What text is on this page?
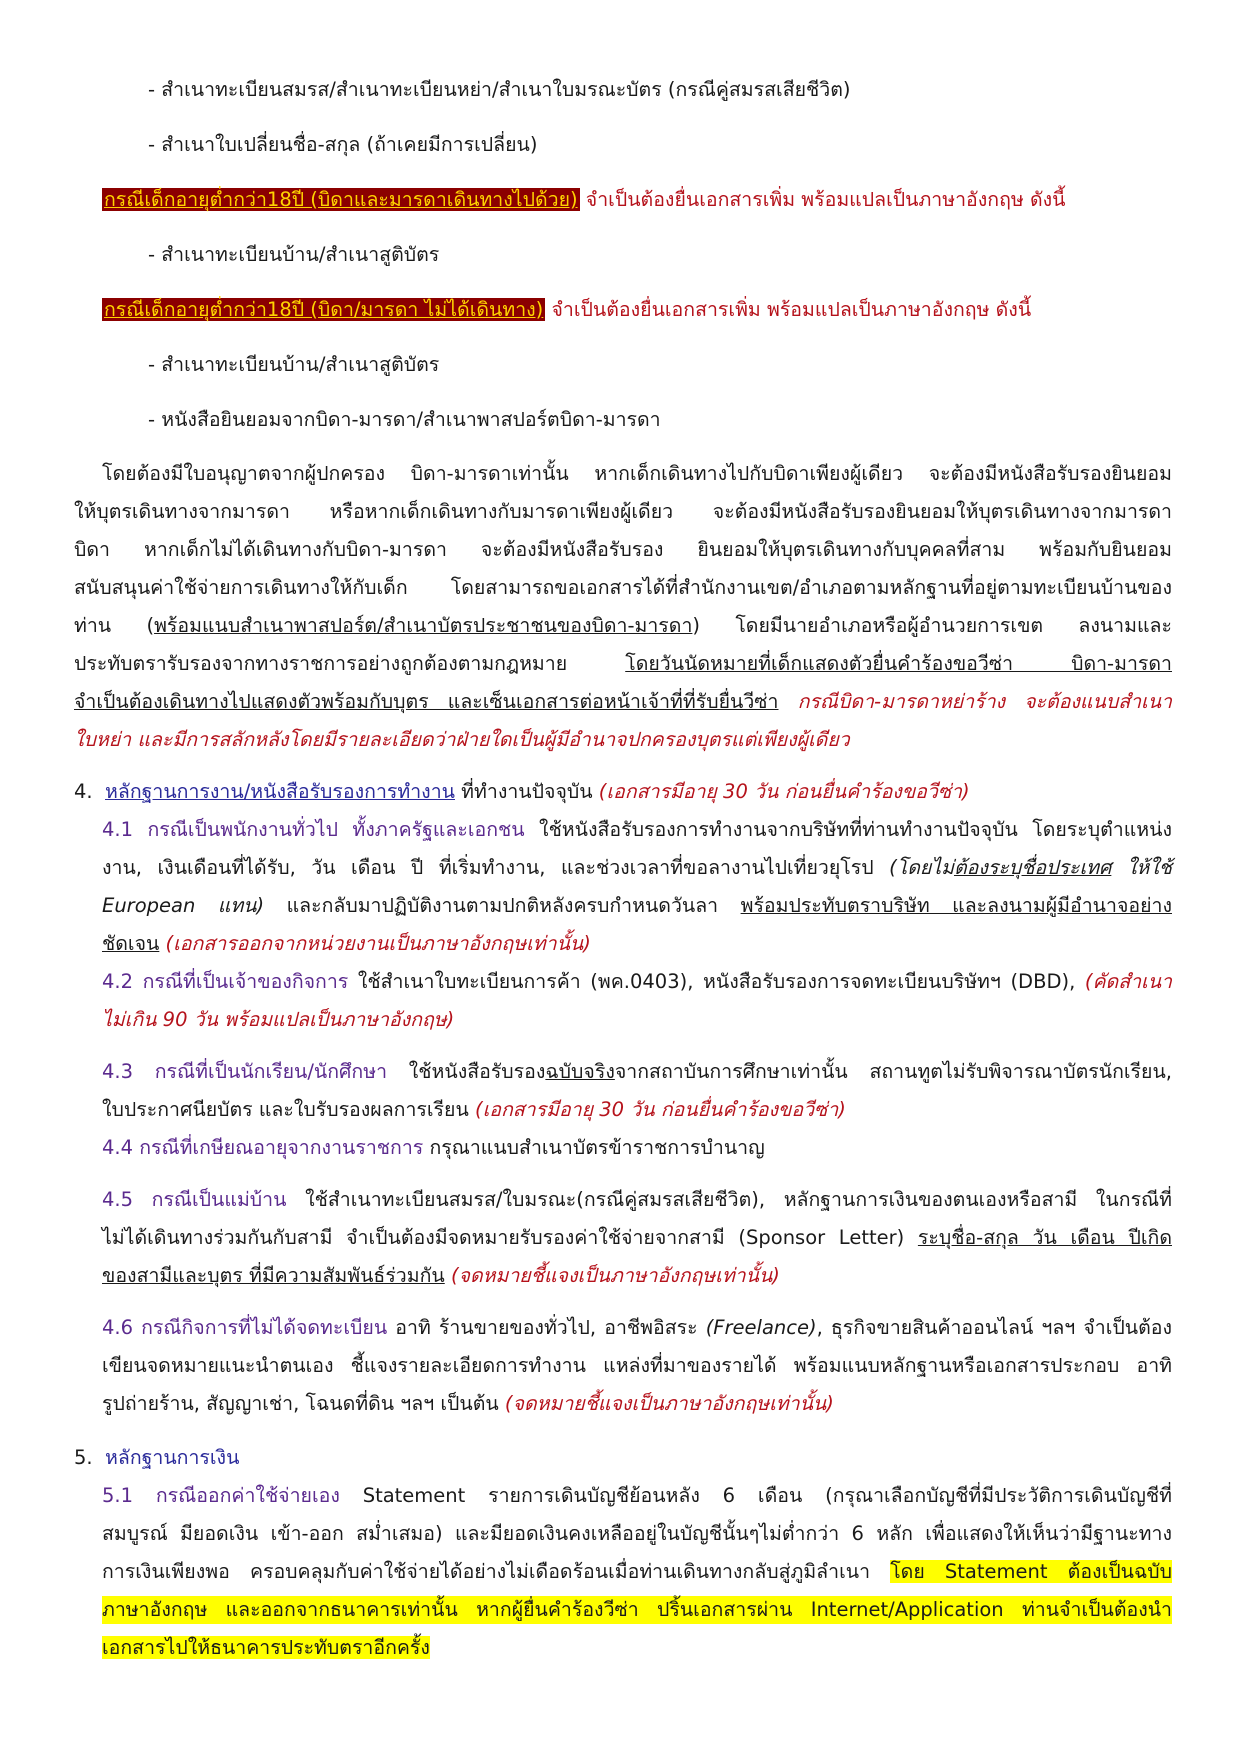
- สำเนาทะเบียนสมรส/สำเนาทะเบียนหย่า/สำเนาใบมรณะบัตร (กรณีคู่สมรสเสียชีวิต)
- สำเนาใบเปลี่ยนชื่อ-สกุล (ถ้าเคยมีการเปลี่ยน)
กรณีเด็กอายุต่ำกว่า18ปี (บิดาและมารดาเดินทางไปด้วย) จำเป็นต้องยื่นเอกสารเพิ่ม พร้อมแปลเป็นภาษาอังกฤษ ดังนี้
- สำเนาทะเบียนบ้าน/สำเนาสูติบัตร
กรณีเด็กอายุต่ำกว่า18ปี (บิดา/มารดา ไม่ได้เดินทาง) จำเป็นต้องยื่นเอกสารเพิ่ม พร้อมแปลเป็นภาษาอังกฤษ ดังนี้
- สำเนาทะเบียนบ้าน/สำเนาสูติบัตร
- หนังสือยินยอมจากบิดา-มารดา/สำเนาพาสปอร์ตบิดา-มารดา
โดยต้องมีใบอนุญาตจากผู้ปกครอง บิดา-มารดาเท่านั้น หากเด็กเดินทางไปกับบิดาเพียงผู้เดียว จะต้องมีหนังสือรับรองยินยอม
ให้บุตรเดินทางจากมารดา หรือหากเด็กเดินทางกับมารดาเพียงผู้เดียว จะต้องมีหนังสือรับรองยินยอมให้บุตรเดินทางจากมารดา
บิดา หากเด็กไม่ได้เดินทางกับบิดา-มารดา จะต้องมีหนังสือรับรอง ยินยอมให้บุตรเดินทางกับบุคคลที่สาม พร้อมกับยินยอม
สนับสนุนค่าใช้จ่ายการเดินทางให้กับเด็ก โดยสามารถขอเอกสารได้ที่สำนักงานเขต/อำเภอตามหลักฐานที่อยู่ตามทะเบียนบ้านของ
ท่าน (พร้อมแนบสำเนาพาสปอร์ต/สำเนาบัตรประชาชนของบิดา-มารดา) โดยมีนายอำเภอหรือผู้อำนวยการเขต ลงนามและ
ประทับตรารับรองจากทางราชการอย่างถูกต้องตามกฎหมาย โดยวันนัดหมายที่เด็กแสดงตัวยื่นคำร้องขอวีซ่า บิดา-มารดา
จำเป็นต้องเดินทางไปแสดงตัวพร้อมกับบุตร และเซ็นเอกสารต่อหน้าเจ้าที่ที่รับยื่นวีซ่า กรณีบิดา-มารดาหย่าร้าง จะต้องแนบสำเนา
ใบหย่า และมีการสลักหลังโดยมีรายละเอียดว่าฝ่ายใดเป็นผู้มีอำนาจปกครองบุตรแต่เพียงผู้เดียว
4. หลักฐานการงาน/หนังสือรับรองการทำงาน ที่ทำงานปัจจุบัน (เอกสารมีอายุ 30 วัน ก่อนยื่นคำร้องขอวีซ่า)
4.1 กรณีเป็นพนักงานทั่วไป ทั้งภาครัฐและเอกชน ใช้หนังสือรับรองการทำงานจากบริษัทที่ท่านทำงานปัจจุบัน โดยระบุตำแหน่ง
งาน, เงินเดือนที่ได้รับ, วัน เดือน ปี ที่เริ่มทำงาน, และช่วงเวลาที่ขอลางานไปเที่ยวยุโรป (โดยไม่ต้องระบุชื่อประเทศ ให้ใช้
European แทน) และกลับมาปฏิบัติงานตามปกติหลังครบกำหนดวันลา พร้อมประทับตราบริษัท และลงนามผู้มีอำนาจอย่าง
ชัดเจน (เอกสารออกจากหน่วยงานเป็นภาษาอังกฤษเท่านั้น)
4.2 กรณีที่เป็นเจ้าของกิจการ ใช้สำเนาใบทะเบียนการค้า (พค.0403), หนังสือรับรองการจดทะเบียนบริษัทฯ (DBD), (คัดสำเนา
ไม่เกิน 90 วัน พร้อมแปลเป็นภาษาอังกฤษ)
4.3 กรณีที่เป็นนักเรียน/นักศึกษา ใช้หนังสือรับรองฉบับจริงจากสถาบันการศึกษาเท่านั้น สถานทูตไม่รับพิจารณาบัตรนักเรียน,
ใบประกาศนียบัตร และใบรับรองผลการเรียน (เอกสารมีอายุ 30 วัน ก่อนยื่นคำร้องขอวีซ่า)
4.4 กรณีที่เกษียณอายุจากงานราชการ กรุณาแนบสำเนาบัตรข้าราชการบำนาญ
4.5 กรณีเป็นแม่บ้าน ใช้สำเนาทะเบียนสมรส/ใบมรณะ(กรณีคู่สมรสเสียชีวิต), หลักฐานการเงินของตนเองหรือสามี ในกรณีที่
ไม่ได้เดินทางร่วมกันกับสามี จำเป็นต้องมีจดหมายรับรองค่าใช้จ่ายจากสามี (Sponsor Letter) ระบุชื่อ-สกุล วัน เดือน ปีเกิด
ของสามีและบุตร ที่มีความสัมพันธ์ร่วมกัน (จดหมายชี้แจงเป็นภาษาอังกฤษเท่านั้น)
4.6 กรณีกิจการที่ไม่ได้จดทะเบียน อาทิ ร้านขายของทั่วไป, อาชีพอิสระ (Freelance), ธุรกิจขายสินค้าออนไลน์ ฯลฯ จำเป็นต้อง
เขียนจดหมายแนะนำตนเอง ชี้แจงรายละเอียดการทำงาน แหล่งที่มาของรายได้ พร้อมแนบหลักฐานหรือเอกสารประกอบ อาทิ
รูปถ่ายร้าน, สัญญาเช่า, โฉนดที่ดิน ฯลฯ เป็นต้น (จดหมายชี้แจงเป็นภาษาอังกฤษเท่านั้น)
5. หลักฐานการเงิน
5.1 กรณีออกค่าใช้จ่ายเอง Statement รายการเดินบัญชีย้อนหลัง 6 เดือน (กรุณาเลือกบัญชีที่มีประวัติการเดินบัญชีที่
สมบูรณ์ มียอดเงิน เข้า-ออก สม่ำเสมอ) และมียอดเงินคงเหลืออยู่ในบัญชีนั้นๆไม่ต่ำกว่า 6 หลัก เพื่อแสดงให้เห็นว่ามีฐานะทาง
การเงินเพียงพอ ครอบคลุมกับค่าใช้จ่ายได้อย่างไม่เดือดร้อนเมื่อท่านเดินทางกลับสู่ภูมิลำเนา โดย Statement ต้องเป็นฉบับ
ภาษาอังกฤษ และออกจากธนาคารเท่านั้น หากผู้ยื่นคำร้องวีซ่า ปริ้นเอกสารผ่าน Internet/Application ท่านจำเป็นต้องนำ
เอกสารไปให้ธนาคารประทับตราอีกครั้ง
